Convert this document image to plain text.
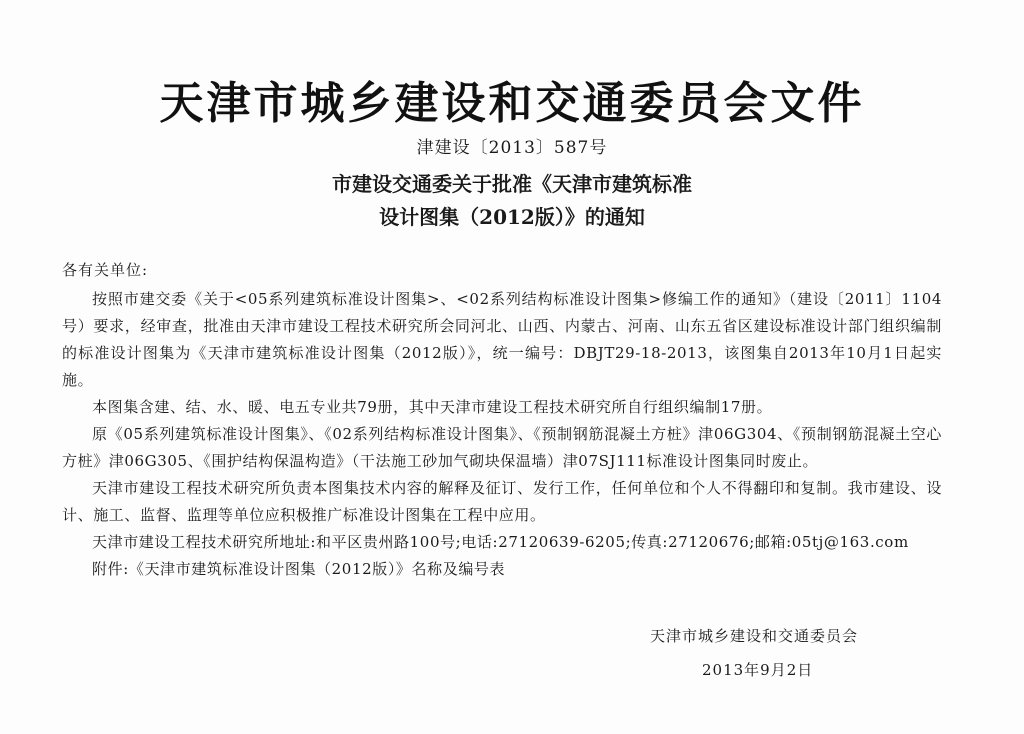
天津市城乡建设和交通委员会文件
津建设〔2013〕587号
市建设交通委关于批准《天津市建筑标准
设计图集（2012版）》的通知
各有关单位:

按照市建交委《关于<05系列建筑标准设计图集>、<02系列结构标准设计图集>修编工作的通知》（建设〔2011〕1104号）要求，经审查，批准由天津市建设工程技术研究所会同河北、山西、内蒙古、河南、山东五省区建设标准设计部门组织编制的标准设计图集为《天津市建筑标准设计图集（2012版）》，统一编号：DBJT29-18-2013，该图集自2013年10月1日起实施。

本图集含建、结、水、暖、电五专业共79册，其中天津市建设工程技术研究所自行组织编制17册。

原《05系列建筑标准设计图集》、《02系列结构标准设计图集》、《预制钢筋混凝土方桩》津06G304、《预制钢筋混凝土空心方桩》津06G305、《围护结构保温构造》（干法施工砂加气砌块保温墙）津07SJ111标准设计图集同时废止。

天津市建设工程技术研究所负责本图集技术内容的解释及征订、发行工作，任何单位和个人不得翻印和复制。我市建设、设计、施工、监督、监理等单位应积极推广标准设计图集在工程中应用。

天津市建设工程技术研究所地址:和平区贵州路100号;电话:27120639-6205;传真:27120676;邮箱:05tj@163.com

附件:《天津市建筑标准设计图集（2012版）》名称及编号表

天津市城乡建设和交通委员会
2013年9月2日
